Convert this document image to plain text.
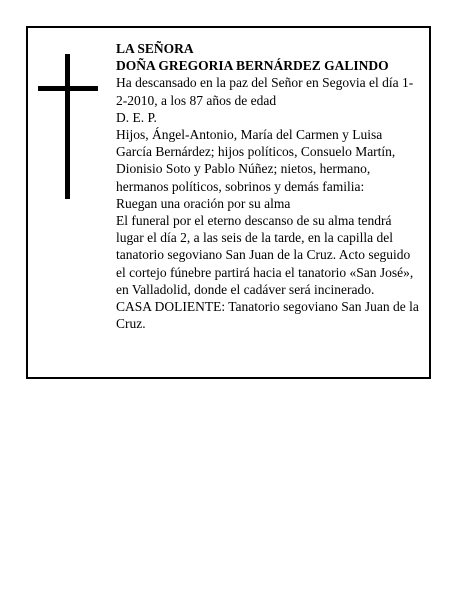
LA SEÑORA

DOÑA GREGORIA BERNÁRDEZ GALINDO

Ha descansado en la paz del Señor en Segovia el día 1-2-2010, a los 87 años de edad

D. E. P.

Hijos, Ángel-Antonio, María del Carmen y Luisa García Bernárdez; hijos políticos, Consuelo Martín, Dionisio Soto y Pablo Núñez; nietos, hermano, hermanos políticos, sobrinos y demás familia:

Ruegan una oración por su alma

El funeral por el eterno descanso de su alma tendrá lugar el día 2, a las seis de la tarde, en la capilla del tanatorio segoviano San Juan de la Cruz. Acto seguido el cortejo fúnebre partirá hacia el tanatorio «San José», en Valladolid, donde el cadáver será incinerado.

CASA DOLIENTE: Tanatorio segoviano San Juan de la Cruz.
